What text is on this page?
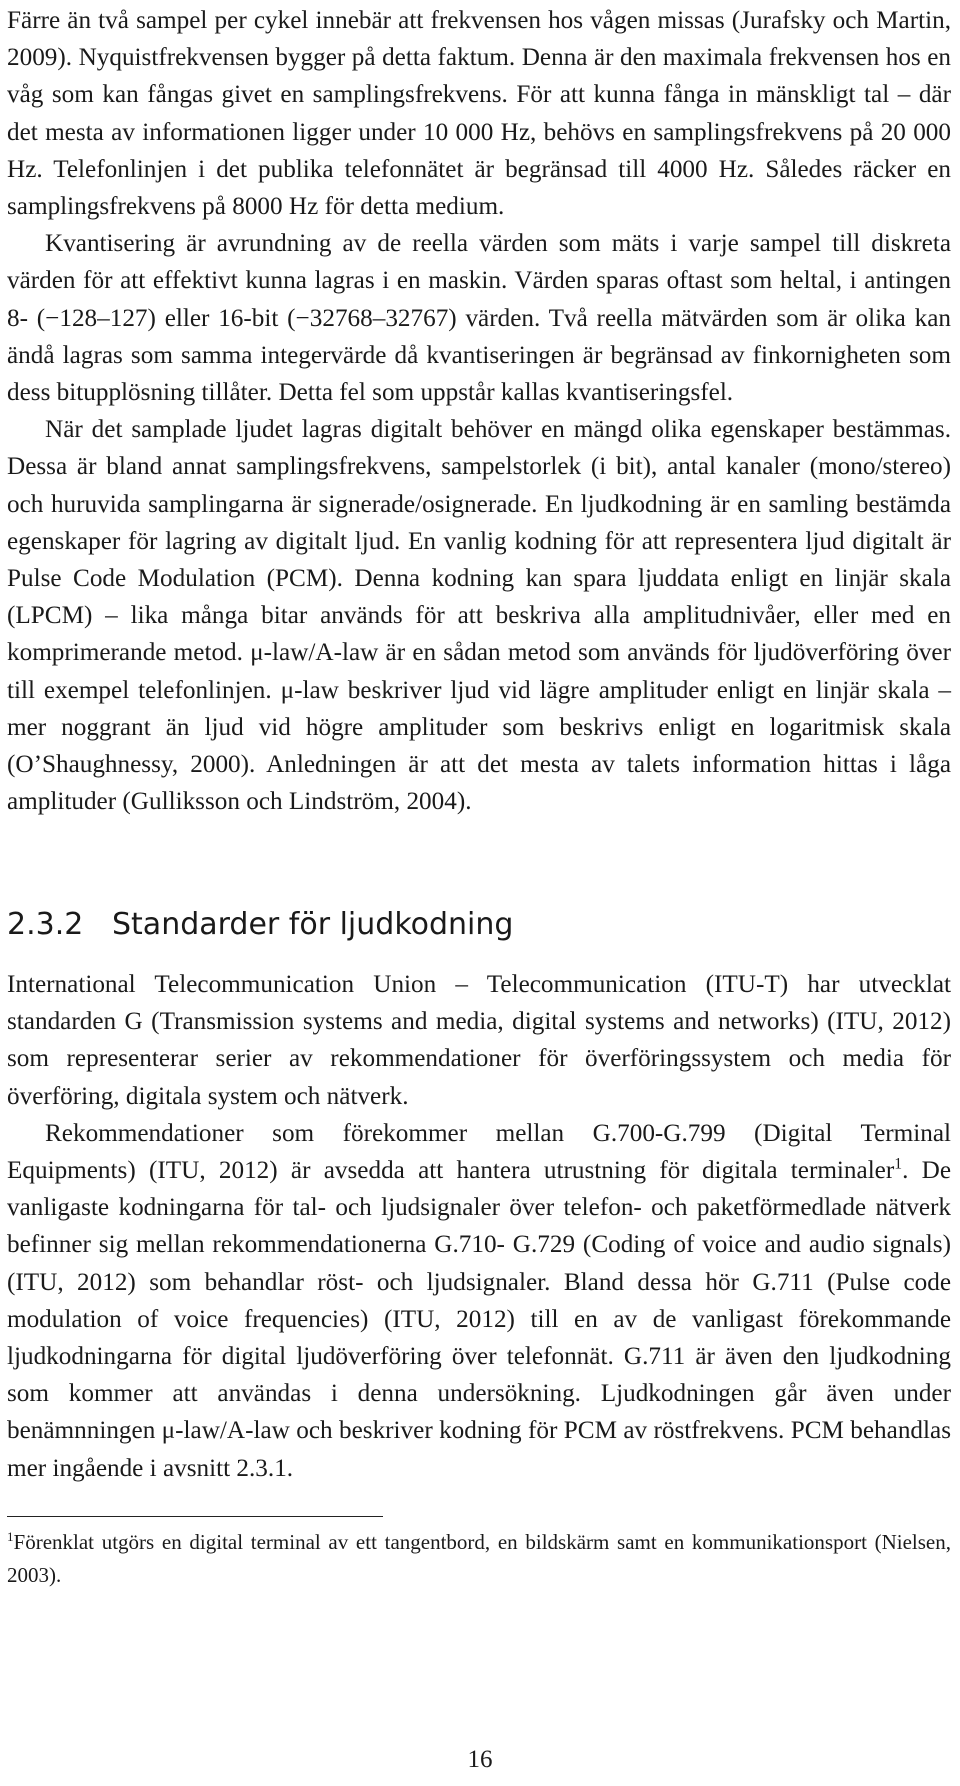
Färre än två sampel per cykel innebär att frekvensen hos vågen missas (Jurafsky och Martin, 2009). Nyquistfrekvensen bygger på detta faktum. Denna är den maximala frekvensen hos en våg som kan fångas givet en samplingsfrekvens. För att kunna fånga in mänskligt tal – där det mesta av informationen ligger under 10 000 Hz, behövs en samplingsfrekvens på 20 000 Hz. Telefonlinjen i det publika telefonnätet är begränsad till 4000 Hz. Således räcker en samplingsfrekvens på 8000 Hz för detta medium.

Kvantisering är avrundning av de reella värden som mäts i varje sampel till diskreta värden för att effektivt kunna lagras i en maskin. Värden sparas oftast som heltal, i antingen 8- (−128–127) eller 16-bit (−32768–32767) värden. Två reella mätvärden som är olika kan ändå lagras som samma integervärde då kvantiseringen är begränsad av finkornigheten som dess bitupplösning tillåter. Detta fel som uppstår kallas kvantiseringsfel.

När det samplade ljudet lagras digitalt behöver en mängd olika egenskaper bestämmas. Dessa är bland annat samplingsfrekvens, sampelstorlek (i bit), antal kanaler (mono/stereo) och huruvida samplingarna är signerade/osignerade. En ljudkodning är en samling bestämda egenskaper för lagring av digitalt ljud. En vanlig kodning för att representera ljud digitalt är Pulse Code Modulation (PCM). Denna kodning kan spara ljuddata enligt en linjär skala (LPCM) – lika många bitar används för att beskriva alla amplitudnivåer, eller med en komprimerande metod. μ-law/A-law är en sådan metod som används för ljudöverföring över till exempel telefonlinjen. μ-law beskriver ljud vid lägre amplituder enligt en linjär skala – mer noggrant än ljud vid högre amplituder som beskrivs enligt en logaritmisk skala (O’Shaughnessy, 2000). Anledningen är att det mesta av talets information hittas i låga amplituder (Gulliksson och Lindström, 2004).

2.3.2 Standarder för ljudkodning

International Telecommunication Union – Telecommunication (ITU-T) har utvecklat standarden G (Transmission systems and media, digital systems and networks) (ITU, 2012) som representerar serier av rekommendationer för överföringssystem och media för överföring, digitala system och nätverk.

Rekommendationer som förekommer mellan G.700-G.799 (Digital Terminal Equipments) (ITU, 2012) är avsedda att hantera utrustning för digitala terminaler$^1$. De vanligaste kodningarna för tal- och ljudsignaler över telefon- och paketförmedlade nätverk befinner sig mellan rekommendationerna G.710- G.729 (Coding of voice and audio signals) (ITU, 2012) som behandlar röst- och ljudsignaler. Bland dessa hör G.711 (Pulse code modulation of voice frequencies) (ITU, 2012) till en av de vanligast förekommande ljudkodningarna för digital ljudöverföring över telefonnät. G.711 är även den ljudkodning som kommer att användas i denna undersökning. Ljudkodningen går även under benämnningen μ-law/A-law och beskriver kodning för PCM av röstfrekvens. PCM behandlas mer ingående i avsnitt 2.3.1.

$^1$Förenklat utgörs en digital terminal av ett tangentbord, en bildskärm samt en kommunikationsport (Nielsen, 2003).

16
